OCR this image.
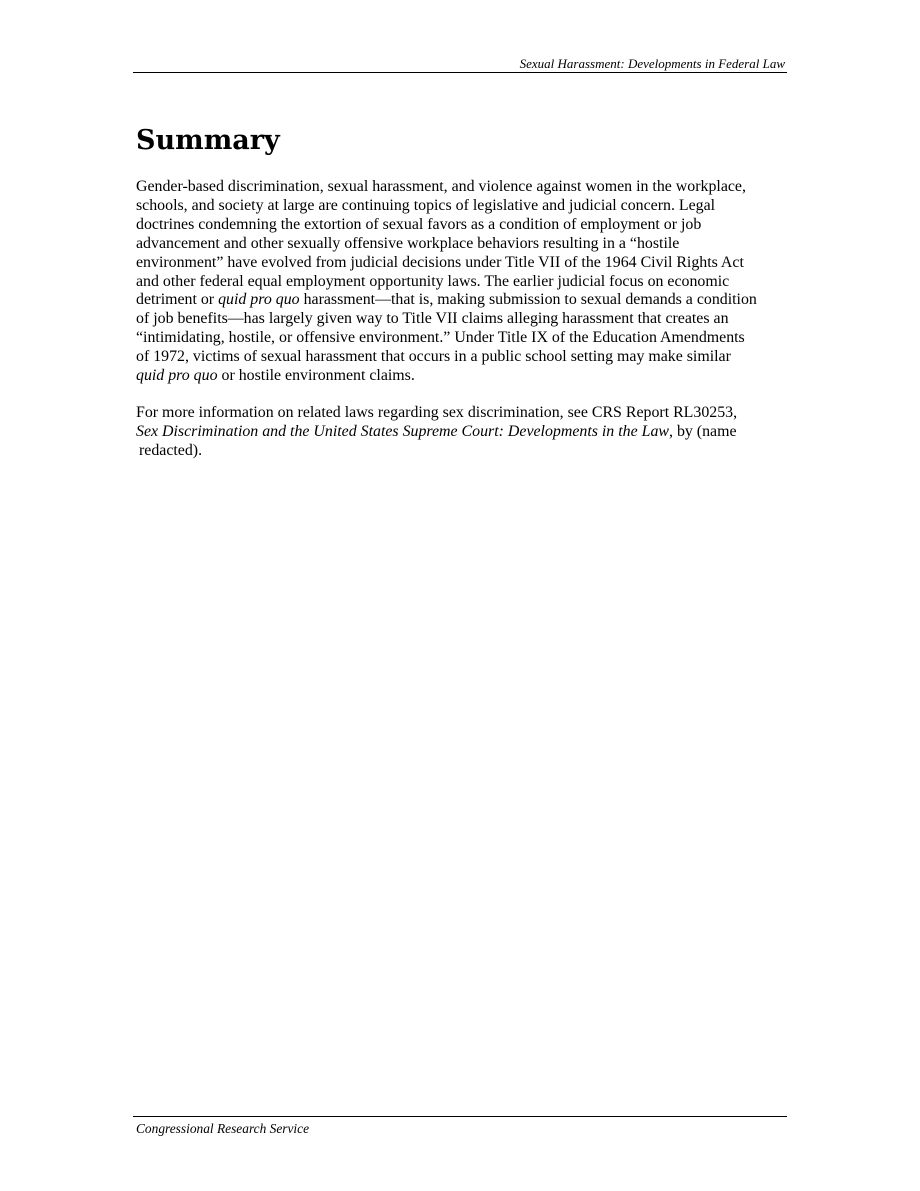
Sexual Harassment: Developments in Federal Law
Summary

Gender-based discrimination, sexual harassment, and violence against women in the workplace,
schools, and society at large are continuing topics of legislative and judicial concern. Legal
doctrines condemning the extortion of sexual favors as a condition of employment or job
advancement and other sexually offensive workplace behaviors resulting in a “hostile
environment” have evolved from judicial decisions under Title VII of the 1964 Civil Rights Act
and other federal equal employment opportunity laws. The earlier judicial focus on economic
detriment or quid pro quo harassment—that is, making submission to sexual demands a condition
of job benefits—has largely given way to Title VII claims alleging harassment that creates an
“intimidating, hostile, or offensive environment.” Under Title IX of the Education Amendments
of 1972, victims of sexual harassment that occurs in a public school setting may make similar
quid pro quo or hostile environment claims.

For more information on related laws regarding sex discrimination, see CRS Report RL30253,
Sex Discrimination and the United States Supreme Court: Developments in the Law, by (name
redacted).

Congressional Research Service
